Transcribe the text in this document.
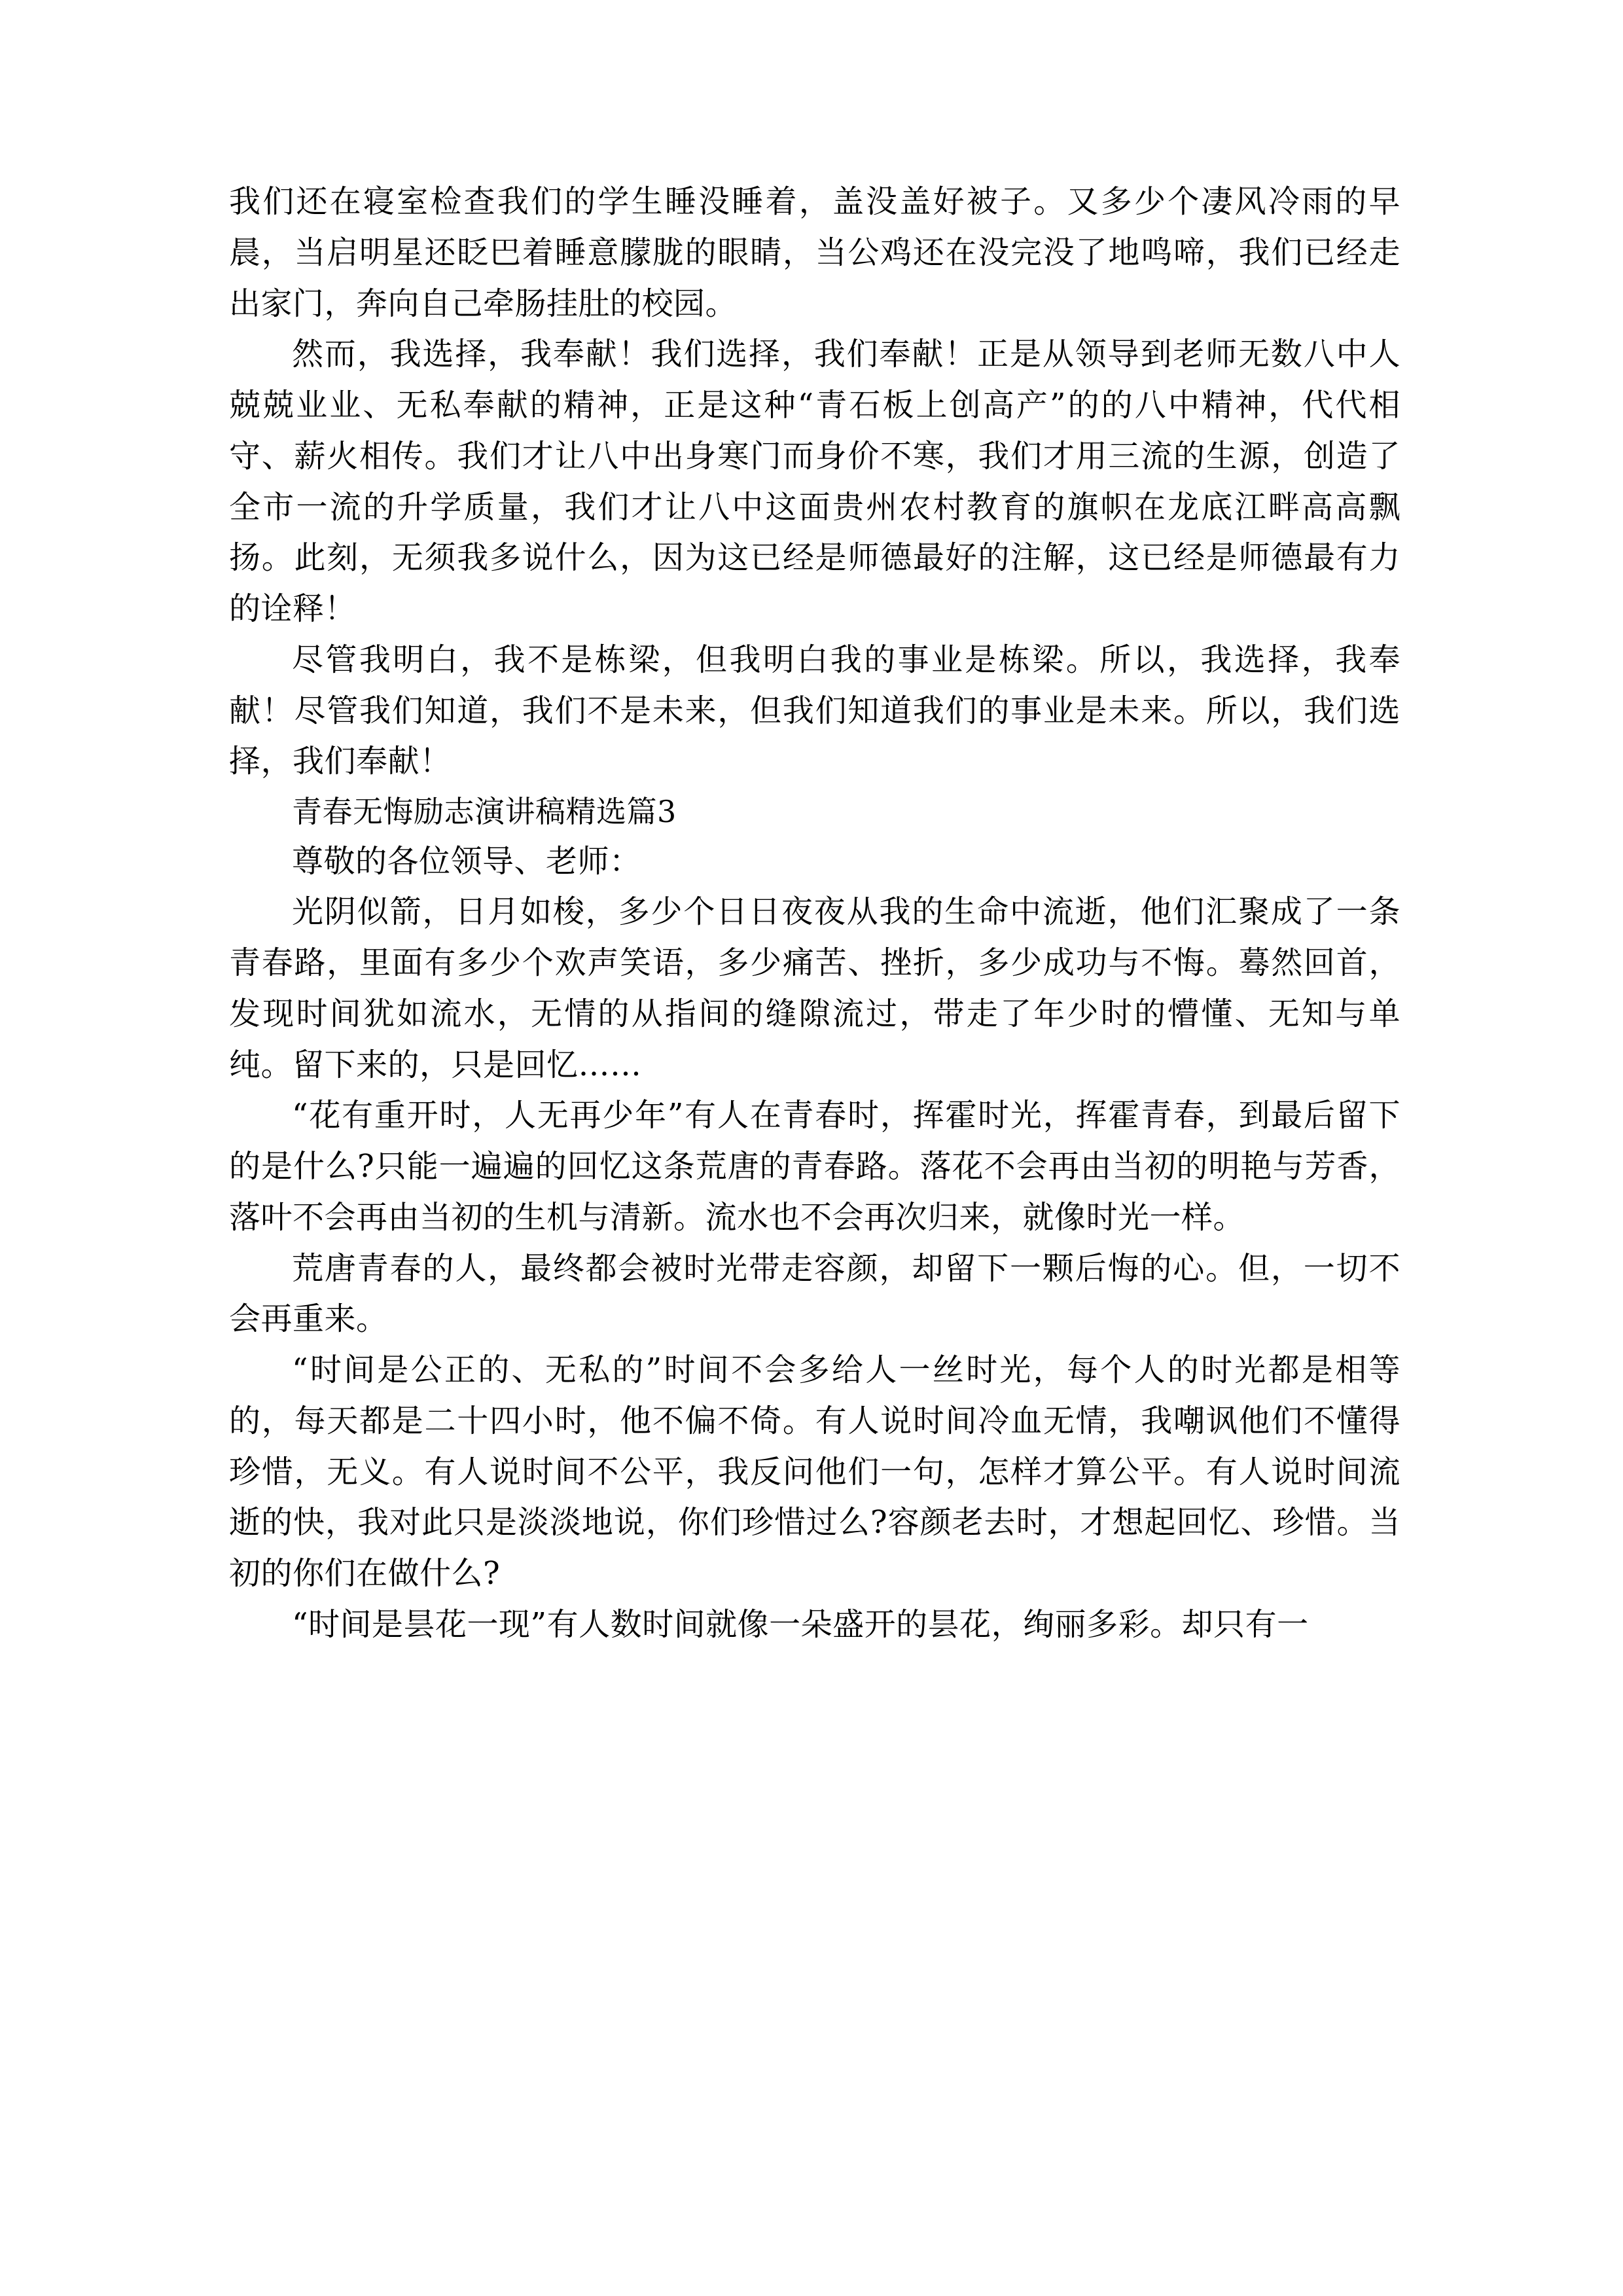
我们还在寝室检查我们的学生睡没睡着，盖没盖好被子。又多少个凄风冷雨的早晨，当启明星还眨巴着睡意朦胧的眼睛，当公鸡还在没完没了地鸣啼，我们已经走出家门，奔向自己牵肠挂肚的校园。

然而，我选择，我奉献！我们选择，我们奉献！正是从领导到老师无数八中人兢兢业业、无私奉献的精神，正是这种“青石板上创高产”的的八中精神，代代相守、薪火相传。我们才让八中出身寒门而身价不寒，我们才用三流的生源，创造了全市一流的升学质量，我们才让八中这面贵州农村教育的旗帜在龙底江畔高高飘扬。此刻，无须我多说什么，因为这已经是师德最好的注解，这已经是师德最有力的诠释！

尽管我明白，我不是栋梁，但我明白我的事业是栋梁。所以，我选择，我奉献！尽管我们知道，我们不是未来，但我们知道我们的事业是未来。所以，我们选择，我们奉献！

青春无悔励志演讲稿精选篇3

尊敬的各位领导、老师：

光阴似箭，日月如梭，多少个日日夜夜从我的生命中流逝，他们汇聚成了一条青春路，里面有多少个欢声笑语，多少痛苦、挫折，多少成功与不悔。蓦然回首，发现时间犹如流水，无情的从指间的缝隙流过，带走了年少时的懵懂、无知与单纯。留下来的，只是回忆……

“花有重开时，人无再少年”有人在青春时，挥霍时光，挥霍青春，到最后留下的是什么?只能一遍遍的回忆这条荒唐的青春路。落花不会再由当初的明艳与芳香，落叶不会再由当初的生机与清新。流水也不会再次归来，就像时光一样。

荒唐青春的人，最终都会被时光带走容颜，却留下一颗后悔的心。但，一切不会再重来。

“时间是公正的、无私的”时间不会多给人一丝时光，每个人的时光都是相等的，每天都是二十四小时，他不偏不倚。有人说时间冷血无情，我嘲讽他们不懂得珍惜，无义。有人说时间不公平，我反问他们一句，怎样才算公平。有人说时间流逝的快，我对此只是淡淡地说，你们珍惜过么?容颜老去时，才想起回忆、珍惜。当初的你们在做什么?

“时间是昙花一现”有人数时间就像一朵盛开的昙花，绚丽多彩。却只有一
